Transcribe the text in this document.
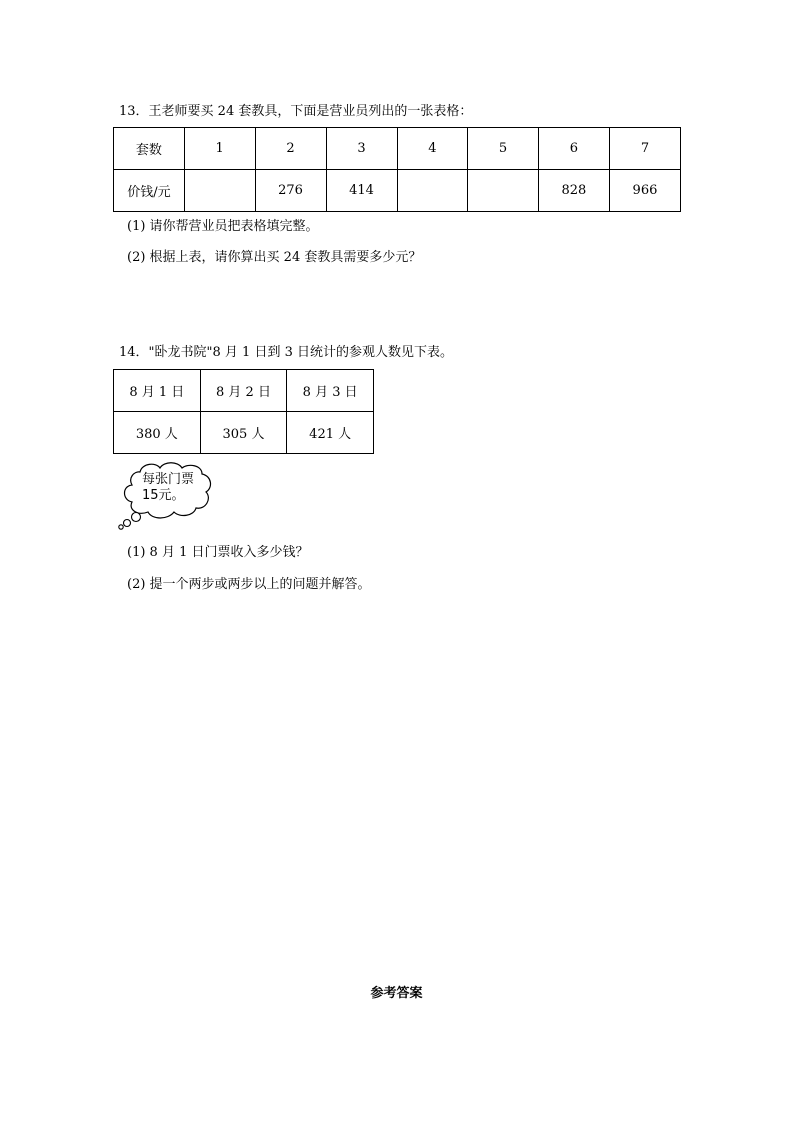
13．王老师要买 24 套教具，下面是营业员列出的一张表格：
套数	1	2	3	4	5	6	7
价钱/元		276	414			828	966
(1) 请你帮营业员把表格填完整。
(2) 根据上表，请你算出买 24 套教具需要多少元？
14．"卧龙书院"8 月 1 日到 3 日统计的参观人数见下表。
8 月 1 日	8 月 2 日	8 月 3 日
380 人	305 人	421 人
每张门票
15元。
(1) 8 月 1 日门票收入多少钱？
(2) 提一个两步或两步以上的问题并解答。
参考答案
